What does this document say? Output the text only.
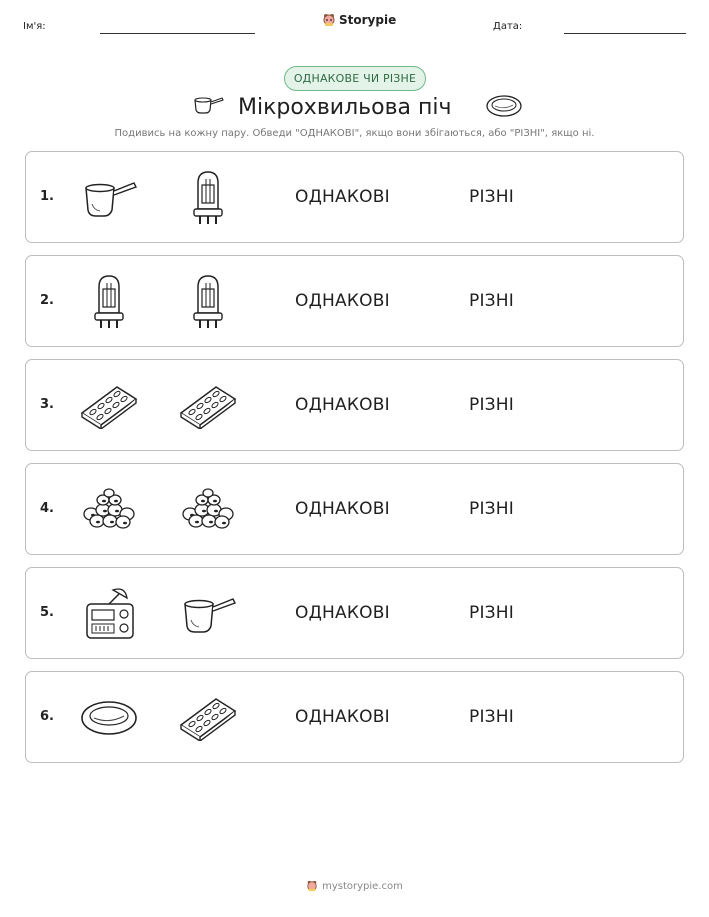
Ім'я:	Storypie	Дата:
ОДНАКОВЕ ЧИ РІЗНЕ
Мікрохвильова піч
Подивись на кожну пару. Обведи "ОДНАКОВІ", якщо вони збігаються, або "РІЗНІ", якщо ні.
1.	ОДНАКОВІ	РІЗНІ
2.	ОДНАКОВІ	РІЗНІ
3.	ОДНАКОВІ	РІЗНІ
4.	ОДНАКОВІ	РІЗНІ
5.	ОДНАКОВІ	РІЗНІ
6.	ОДНАКОВІ	РІЗНІ
mystorypie.com
